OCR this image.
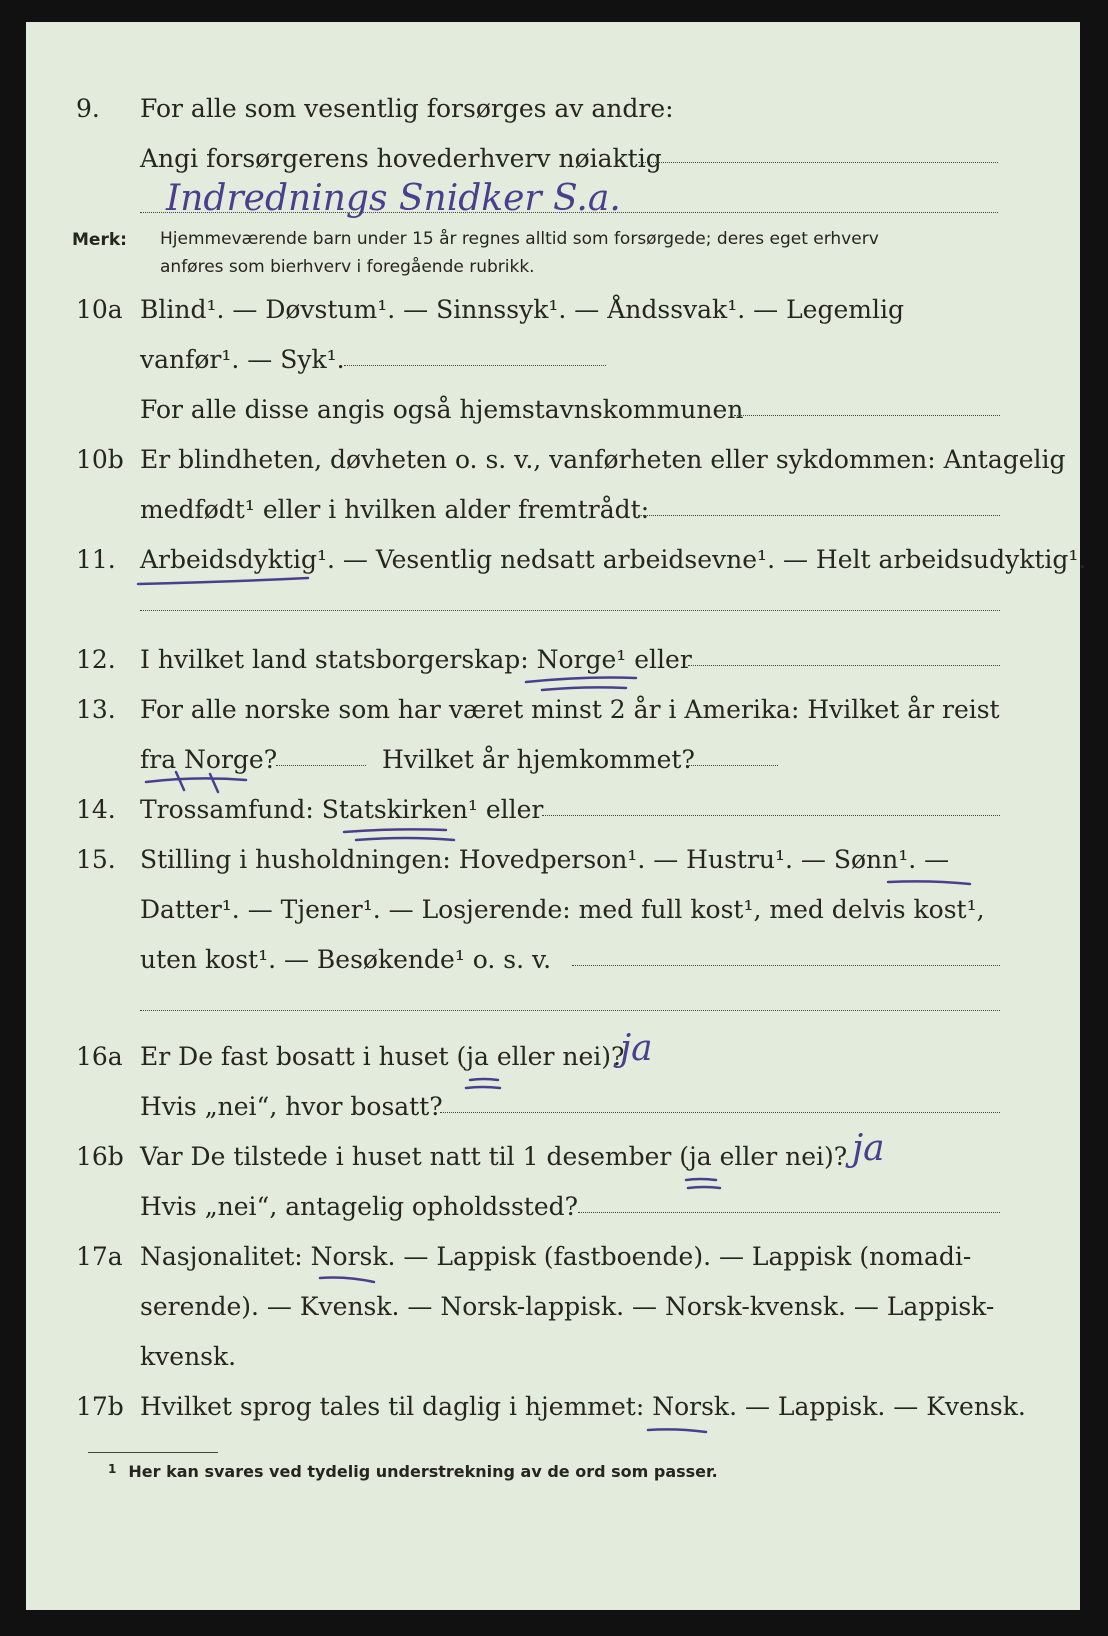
9. For alle som vesentlig forsørges av andre:
Angi forsørgerens hovederhverv nøiaktig
Indrednings Snidker S.a.
Merk: Hjemmeværende barn under 15 år regnes alltid som forsørgede; deres eget erhverv
anføres som bierhverv i foregående rubrikk.
10a Blind¹. — Døvstum¹. — Sinnssyk¹. — Åndssvak¹. — Legemlig
vanfør¹. — Syk¹.
For alle disse angis også hjemstavnskommunen
10b Er blindheten, døvheten o. s. v., vanførheten eller sykdommen: Antagelig
medfødt¹ eller i hvilken alder fremtrådt:
11. Arbeidsdyktig¹. — Vesentlig nedsatt arbeidsevne¹. — Helt arbeidsudyktig¹.
12. I hvilket land statsborgerskap: Norge¹ eller
13. For alle norske som har været minst 2 år i Amerika: Hvilket år reist
fra Norge?	Hvilket år hjemkommet?
14. Trossamfund: Statskirken¹ eller
15. Stilling i husholdningen: Hovedperson¹. — Hustru¹. — Sønn¹. —
Datter¹. — Tjener¹. — Losjerende: med full kost¹, med delvis kost¹,
uten kost¹. — Besøkende¹ o. s. v.
16a Er De fast bosatt i huset (ja eller nei)?
ja
Hvis „nei“, hvor bosatt?
16b Var De tilstede i huset natt til 1 desember (ja eller nei)? ja
Hvis „nei“, antagelig opholdssted?
17a Nasjonalitet: Norsk. — Lappisk (fastboende). — Lappisk (nomadi-
serende). — Kvensk. — Norsk-lappisk. — Norsk-kvensk. — Lappisk-
kvensk.
17b Hvilket sprog tales til daglig i hjemmet: Norsk. — Lappisk. — Kvensk.
$^1$ Her kan svares ved tydelig understrekning av de ord som passer.
